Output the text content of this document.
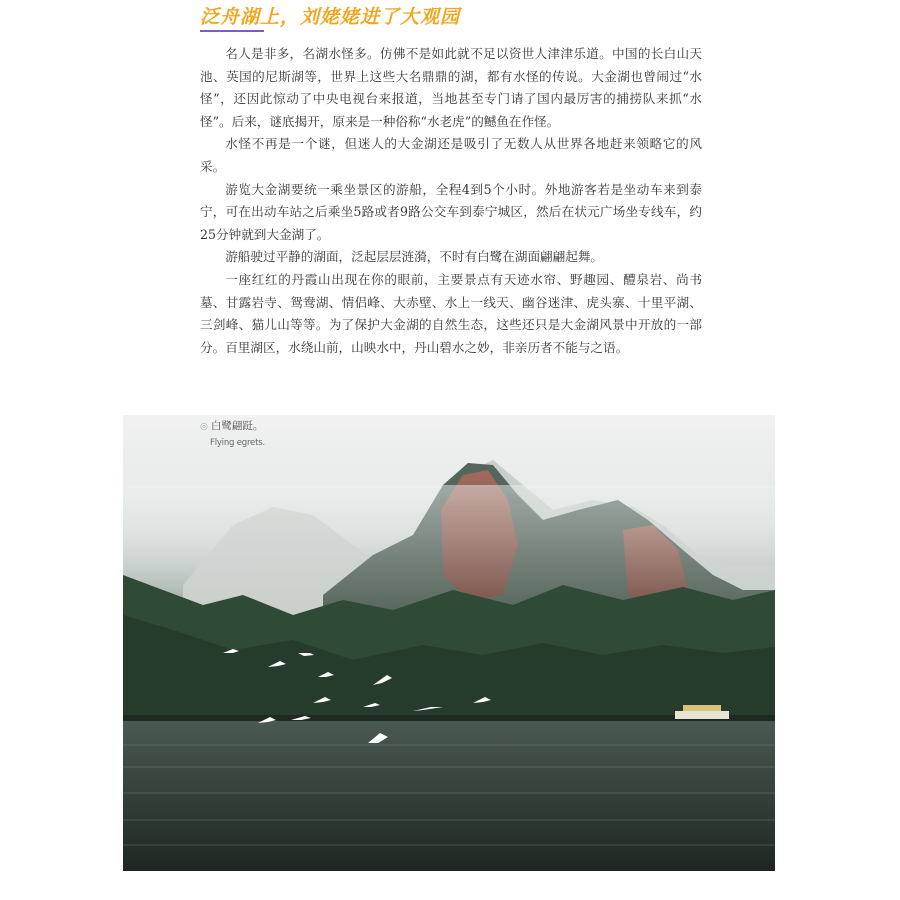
泛舟湖上，刘姥姥进了大观园

名人是非多，名湖水怪多。仿佛不是如此就不足以资世人津津乐道。中国的长白山天池、英国的尼斯湖等，世界上这些大名鼎鼎的湖，都有水怪的传说。大金湖也曾闹过“水怪”，还因此惊动了中央电视台来报道，当地甚至专门请了国内最厉害的捕捞队来抓“水怪”。后来，谜底揭开，原来是一种俗称“水老虎”的鳡鱼在作怪。

水怪不再是一个谜，但迷人的大金湖还是吸引了无数人从世界各地赶来领略它的风采。

游览大金湖要统一乘坐景区的游船，全程4到5个小时。外地游客若是坐动车来到泰宁，可在出动车站之后乘坐5路或者9路公交车到泰宁城区，然后在状元广场坐专线车，约25分钟就到大金湖了。

游船驶过平静的湖面，泛起层层涟漪，不时有白鹭在湖面翩翩起舞。

一座红红的丹霞山出现在你的眼前，主要景点有天迹水帘、野趣园、醴泉岩、尚书墓、甘露岩寺、鸳鸯湖、情侣峰、大赤壁、水上一线天、幽谷迷津、虎头寨、十里平湖、三剑峰、猫儿山等等。为了保护大金湖的自然生态，这些还只是大金湖风景中开放的一部分。百里湖区，水绕山前，山映水中，丹山碧水之妙，非亲历者不能与之语。

◎ 白鹭翩跹。
Flying egrets.
